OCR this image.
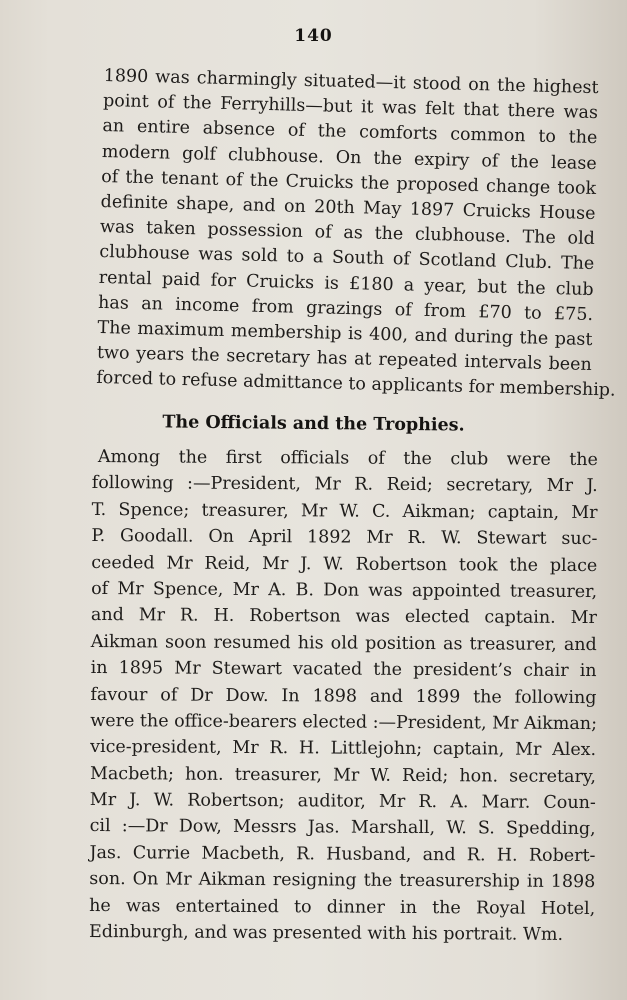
140
1890 was charmingly situated—it stood on the highest
point of the Ferryhills—but it was felt that there was
an entire absence of the comforts common to the
modern golf clubhouse. On the expiry of the lease
of the tenant of the Cruicks the proposed change took
definite shape, and on 20th May 1897 Cruicks House
was taken possession of as the clubhouse. The old
clubhouse was sold to a South of Scotland Club. The
rental paid for Cruicks is £180 a year, but the club
has an income from grazings of from £70 to £75.
The maximum membership is 400, and during the past
two years the secretary has at repeated intervals been
forced to refuse admittance to applicants for membership.
The Officials and the Trophies.
Among the first officials of the club were the
following :—President, Mr R. Reid; secretary, Mr J.
T. Spence; treasurer, Mr W. C. Aikman; captain, Mr
P. Goodall. On April 1892 Mr R. W. Stewart suc-
ceeded Mr Reid, Mr J. W. Robertson took the place
of Mr Spence, Mr A. B. Don was appointed treasurer,
and Mr R. H. Robertson was elected captain. Mr
Aikman soon resumed his old position as treasurer, and
in 1895 Mr Stewart vacated the president’s chair in
favour of Dr Dow. In 1898 and 1899 the following
were the office-bearers elected :—President, Mr Aikman;
vice-president, Mr R. H. Littlejohn; captain, Mr Alex.
Macbeth; hon. treasurer, Mr W. Reid; hon. secretary,
Mr J. W. Robertson; auditor, Mr R. A. Marr. Coun-
cil :—Dr Dow, Messrs Jas. Marshall, W. S. Spedding,
Jas. Currie Macbeth, R. Husband, and R. H. Robert-
son. On Mr Aikman resigning the treasurership in 1898
he was entertained to dinner in the Royal Hotel,
Edinburgh, and was presented with his portrait. Wm.
